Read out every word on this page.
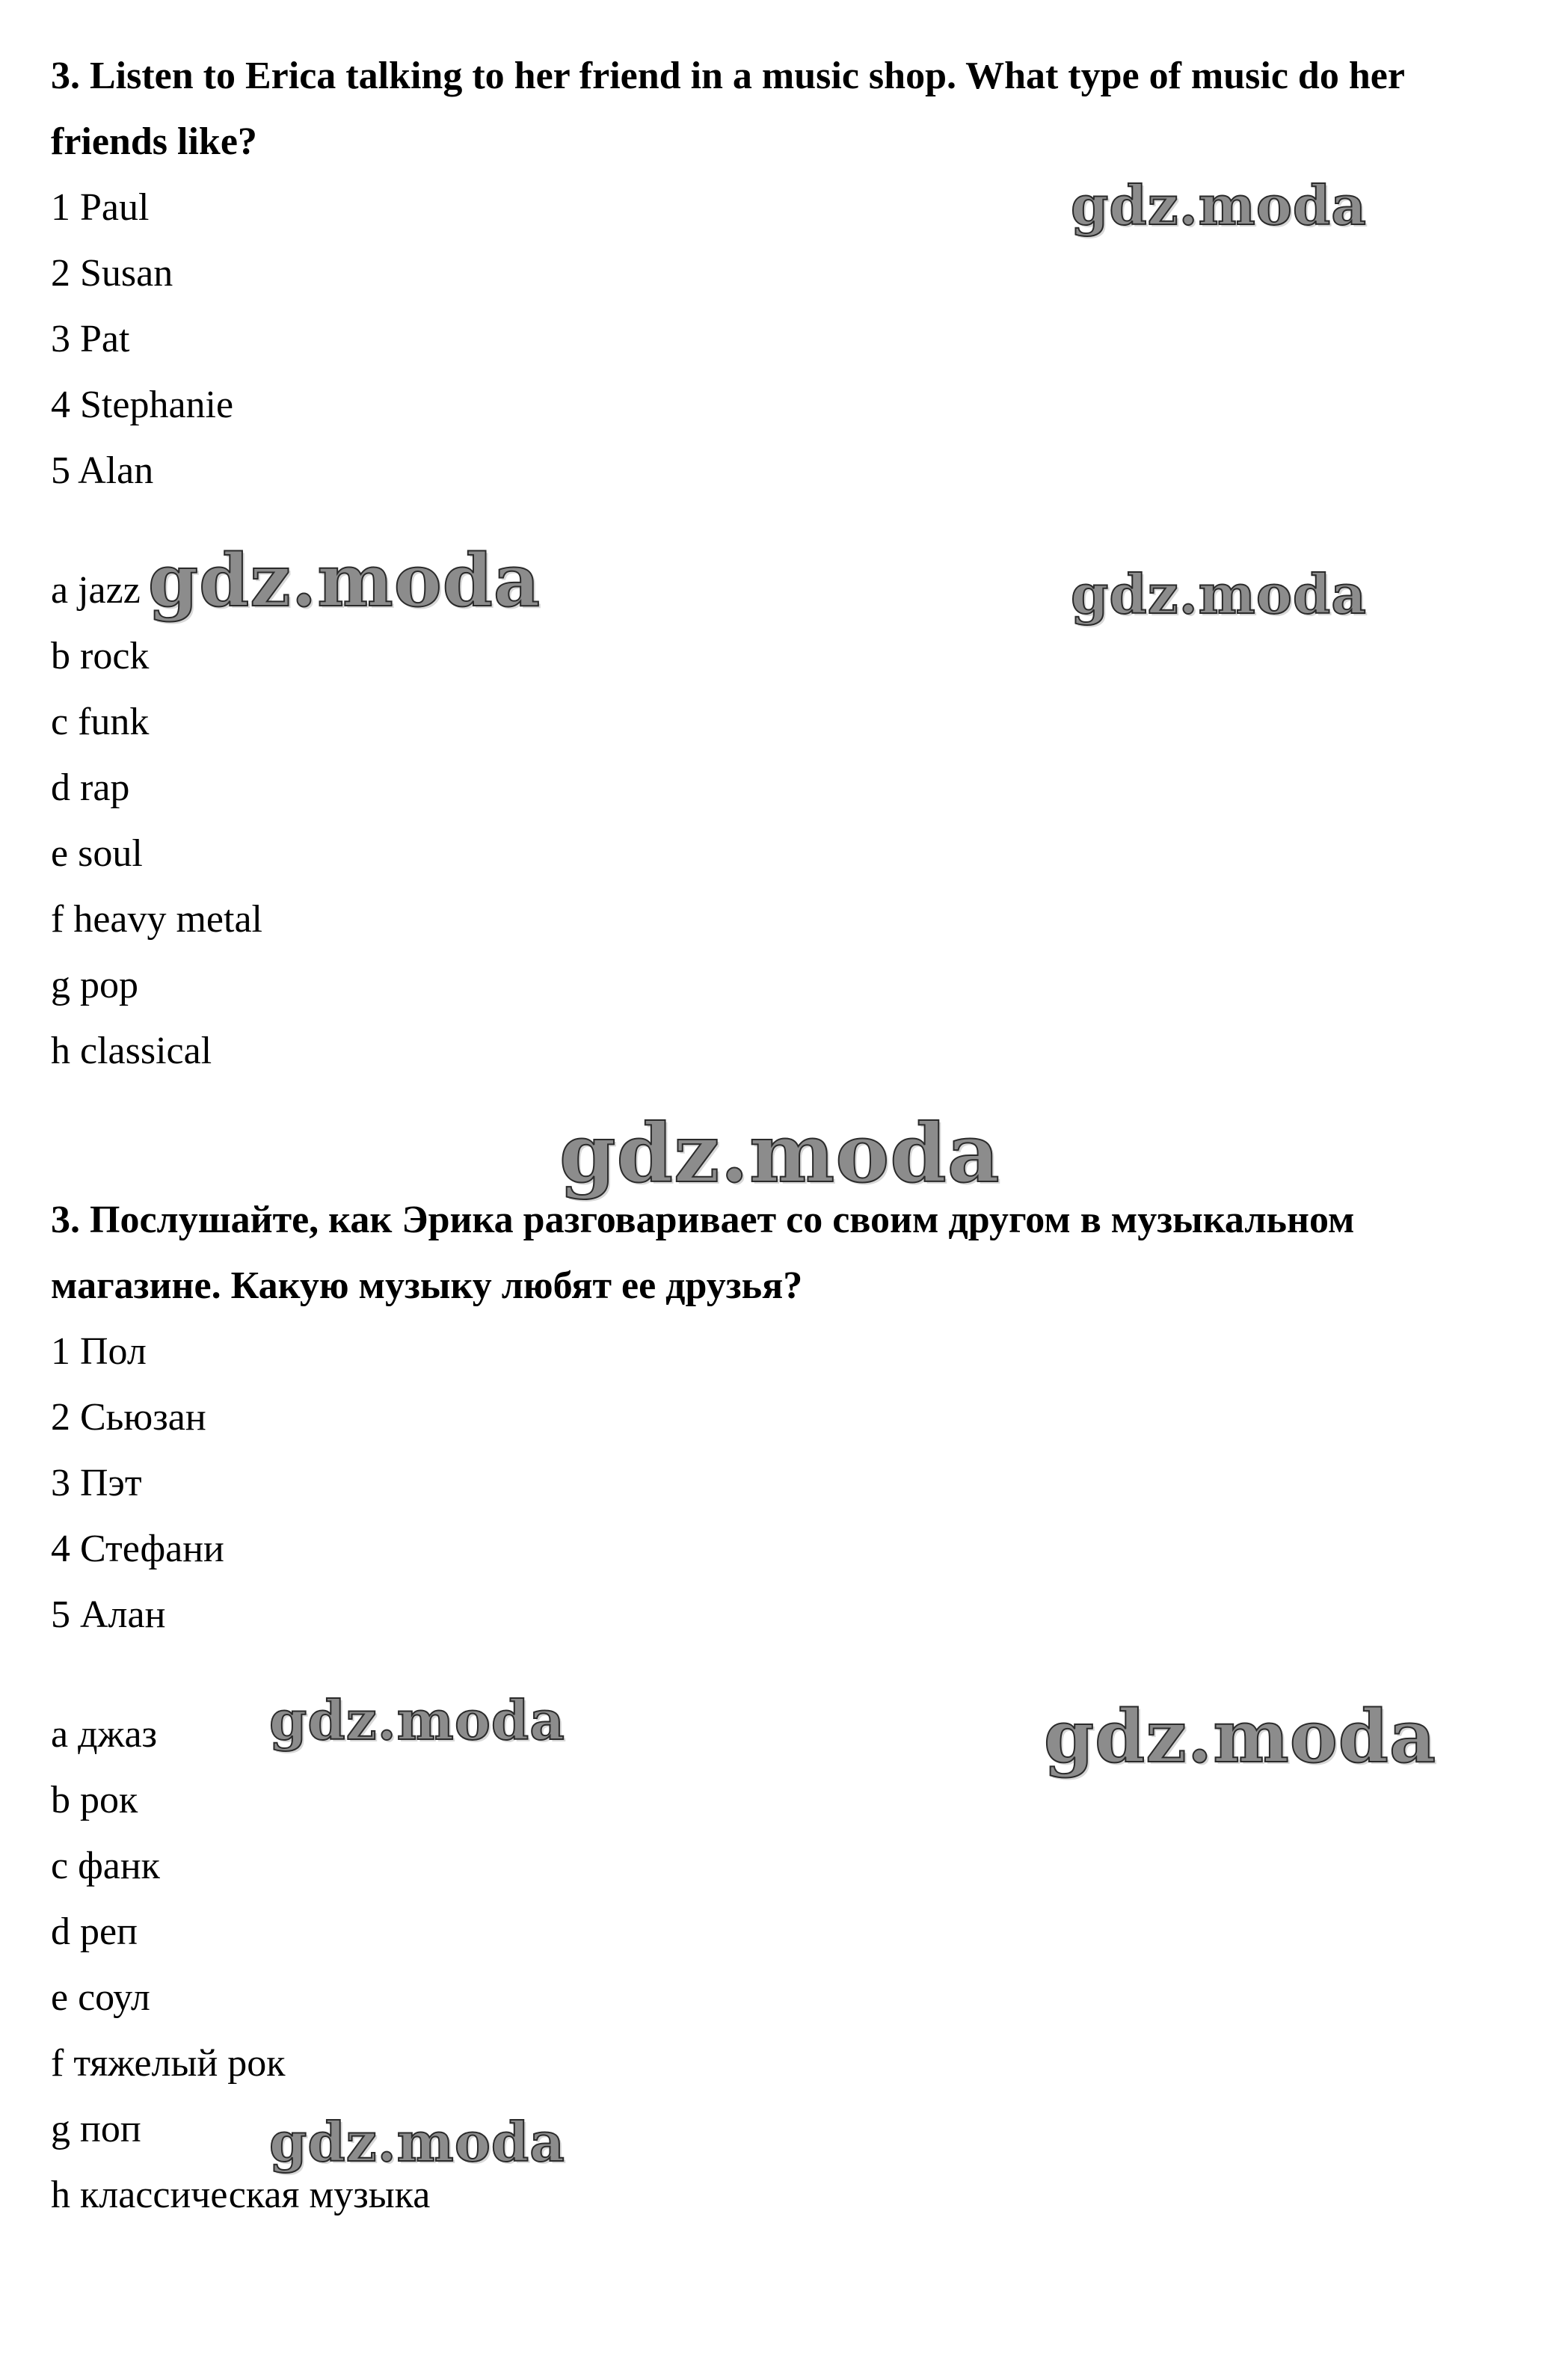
3. Listen to Erica talking to her friend in a music shop. What type of music do her friends like?

1 Paul

2 Susan

3 Pat

4 Stephanie

5 Alan

a jazz

b rock

c funk

d rap

e soul

f heavy metal

g pop

h classical

3. Послушайте, как Эрика разговаривает со своим другом в музыкальном магазине. Какую музыку любят ее друзья?

1 Пол

2 Сьюзан

3 Пэт

4 Стефани

5 Алан

a джаз

b рок

c фанк

d реп

e соул

f тяжелый рок

g поп

h классическая музыка

gdz.moda
gdz.moda	gdz.moda
gdz.moda
gdz.moda	gdz.moda
gdz.moda
